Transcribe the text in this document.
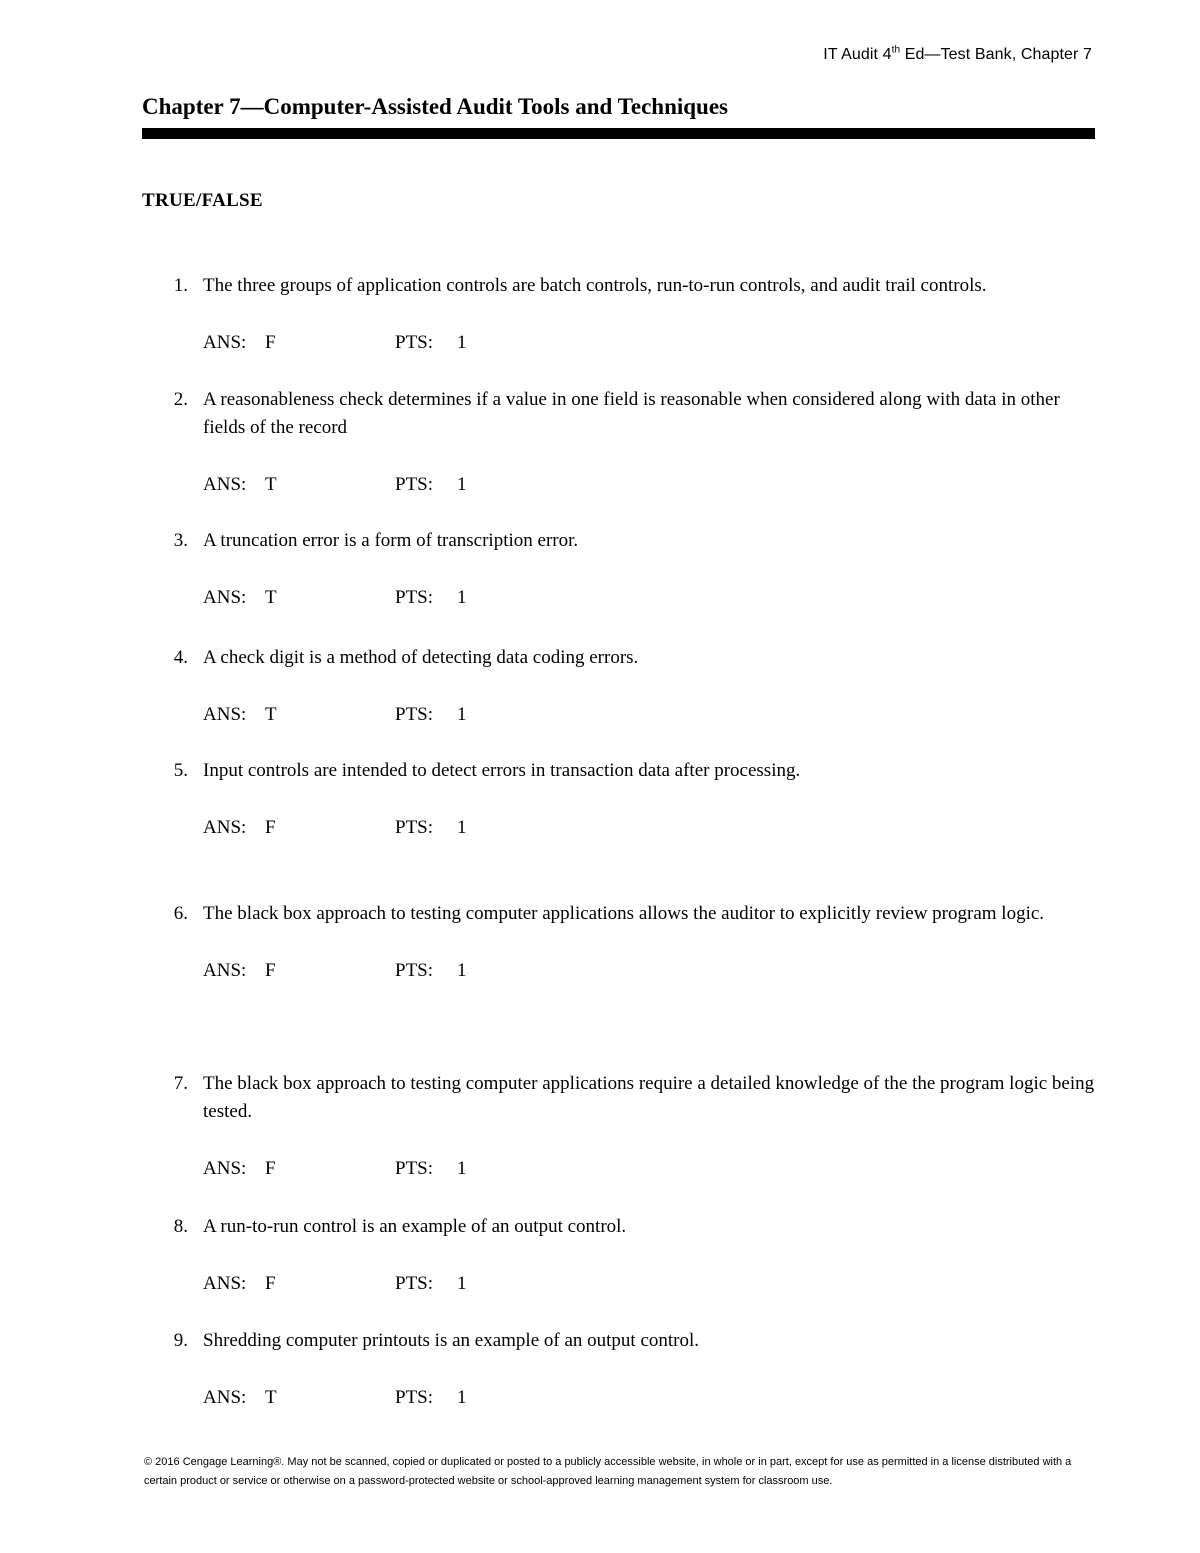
IT Audit 4th Ed—Test Bank, Chapter 7
Chapter 7—Computer-Assisted Audit Tools and Techniques
TRUE/FALSE
1. The three groups of application controls are batch controls, run-to-run controls, and audit trail controls.
ANS: F	PTS: 1
2. A reasonableness check determines if a value in one field is reasonable when considered along with data in other fields of the record
ANS: T	PTS: 1
3. A truncation error is a form of transcription error.
ANS: T	PTS: 1
4. A check digit is a method of detecting data coding errors.
ANS: T	PTS: 1
5. Input controls are intended to detect errors in transaction data after processing.
ANS: F	PTS: 1
6. The black box approach to testing computer applications allows the auditor to explicitly review program logic.
ANS: F	PTS: 1
7. The black box approach to testing computer applications require a detailed knowledge of the the program logic being tested.
ANS: F	PTS: 1
8. A run-to-run control is an example of an output control.
ANS: F	PTS: 1
9. Shredding computer printouts is an example of an output control.
ANS: T	PTS: 1
© 2016 Cengage Learning®. May not be scanned, copied or duplicated or posted to a publicly accessible website, in whole or in part, except for use as permitted in a license distributed with a certain product or service or otherwise on a password-protected website or school-approved learning management system for classroom use.
